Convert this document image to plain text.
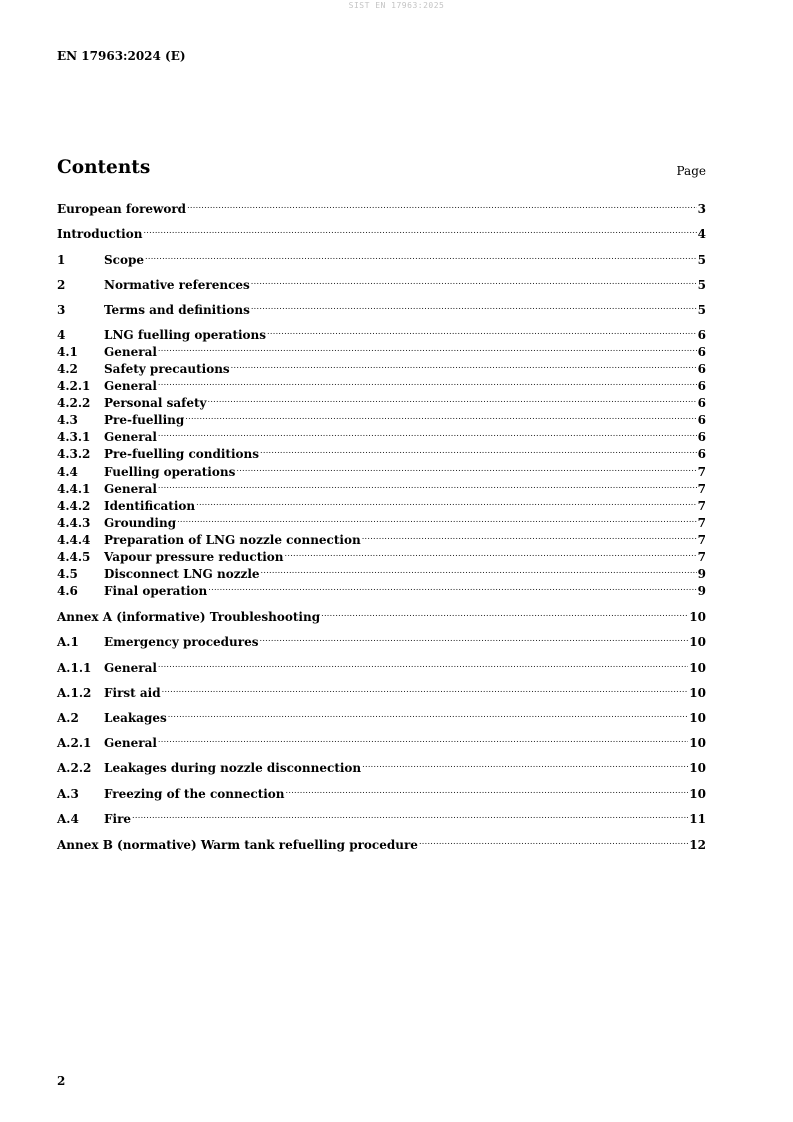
SIST EN 17963:2025
EN 17963:2024 (E)
Contents	Page
European foreword .....	3
Introduction .....	4
1	Scope .....	5
2	Normative references .....	5
3	Terms and definitions .....	5
4	LNG fuelling operations .....	6
4.1	General .....	6
4.2	Safety precautions .....	6
4.2.1	General .....	6
4.2.2	Personal safety .....	6
4.3	Pre-fuelling .....	6
4.3.1	General .....	6
4.3.2	Pre-fuelling conditions .....	6
4.4	Fuelling operations .....	7
4.4.1	General .....	7
4.4.2	Identification .....	7
4.4.3	Grounding .....	7
4.4.4	Preparation of LNG nozzle connection .....	7
4.4.5	Vapour pressure reduction .....	7
4.5	Disconnect LNG nozzle .....	9
4.6	Final operation .....	9
Annex A (informative) Troubleshooting .....	10
A.1	Emergency procedures .....	10
A.1.1	General .....	10
A.1.2	First aid .....	10
A.2	Leakages .....	10
A.2.1	General .....	10
A.2.2	Leakages during nozzle disconnection .....	10
A.3	Freezing of the connection .....	10
A.4	Fire .....	11
Annex B (normative) Warm tank refuelling procedure .....	12
2
